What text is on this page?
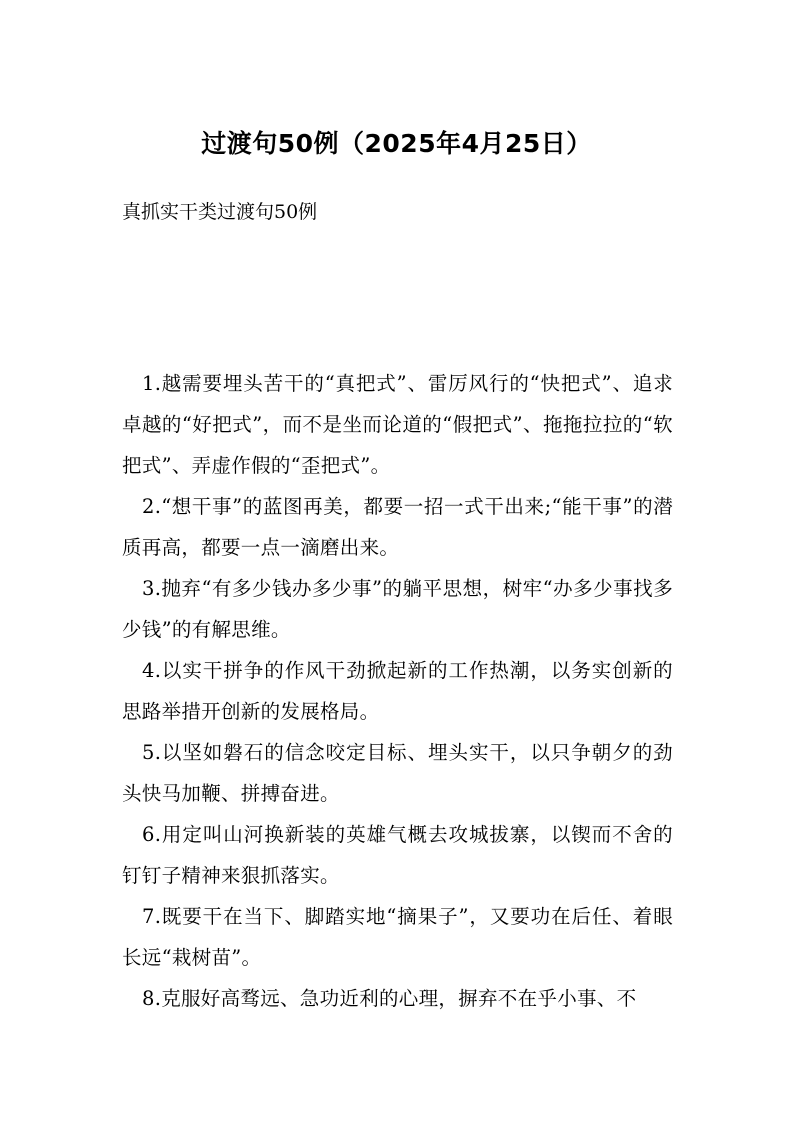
过渡句50例（2025年4月25日）

真抓实干类过渡句50例

1.越需要埋头苦干的“真把式”、雷厉风行的“快把式”、追求卓越的“好把式”，而不是坐而论道的“假把式”、拖拖拉拉的“软把式”、弄虚作假的“歪把式”。
2.“想干事”的蓝图再美，都要一招一式干出来;“能干事”的潜质再高，都要一点一滴磨出来。
3.抛弃“有多少钱办多少事”的躺平思想，树牢“办多少事找多少钱”的有解思维。
4.以实干拼争的作风干劲掀起新的工作热潮，以务实创新的思路举措开创新的发展格局。
5.以坚如磐石的信念咬定目标、埋头实干，以只争朝夕的劲头快马加鞭、拼搏奋进。
6.用定叫山河换新装的英雄气概去攻城拔寨，以锲而不舍的钉钉子精神来狠抓落实。
7.既要干在当下、脚踏实地“摘果子”，又要功在后任、着眼长远“栽树苗”。
8.克服好高骛远、急功近利的心理，摒弃不在乎小事、不
